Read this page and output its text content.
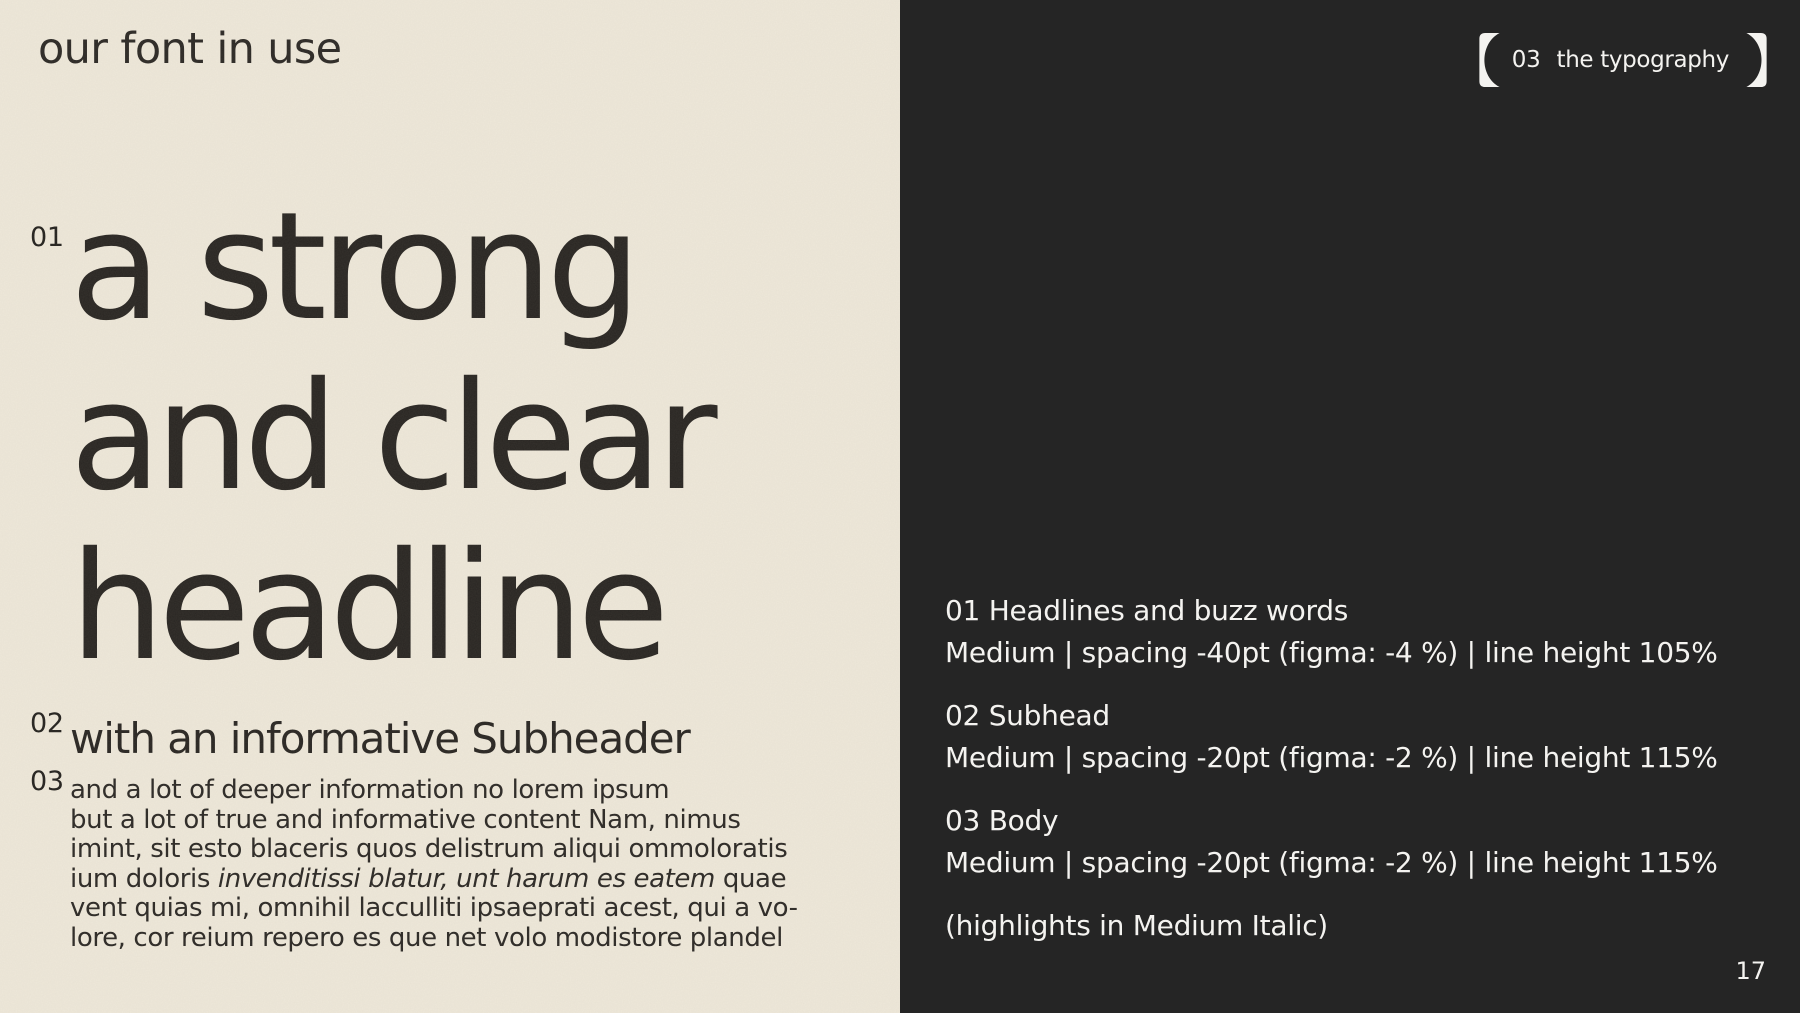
our font in use
01 a strong
and clear
headline
02 with an informative Subheader
03 and a lot of deeper information no lorem ipsum
but a lot of true and informative content Nam, nimus
imint, sit esto blaceris quos delistrum aliqui ommoloratis
ium doloris invenditissi blatur, unt harum es eatem quae
vent quias mi, omnihil lacculliti ipsaeprati acest, qui a vo-
lore, cor reium repero es que net volo modistore plandel
03 the typography
01 Headlines and buzz words
Medium | spacing -40pt (figma: -4 %) | line height 105%
02 Subhead
Medium | spacing -20pt (figma: -2 %) | line height 115%
03 Body
Medium | spacing -20pt (figma: -2 %) | line height 115%
(highlights in Medium Italic)
17
